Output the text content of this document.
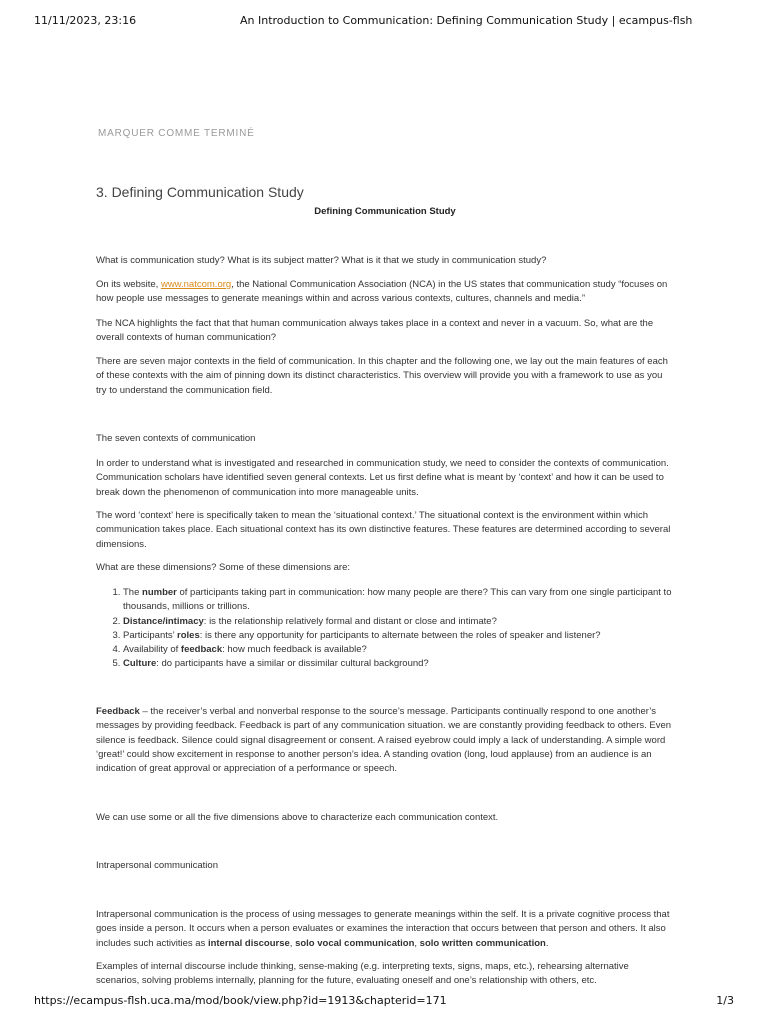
11/11/2023, 23:16	An Introduction to Communication: Defining Communication Study | ecampus-flsh
MARQUER COMME TERMINÉ
3. Defining Communication Study
Defining Communication Study

What is communication study? What is its subject matter? What is it that we study in communication study?

On its website, www.natcom.org, the National Communication Association (NCA) in the US states that communication study “focuses on how people use messages to generate meanings within and across various contexts, cultures, channels and media.”

The NCA highlights the fact that that human communication always takes place in a context and never in a vacuum. So, what are the overall contexts of human communication?

There are seven major contexts in the field of communication. In this chapter and the following one, we lay out the main features of each of these contexts with the aim of pinning down its distinct characteristics. This overview will provide you with a framework to use as you try to understand the communication field.

The seven contexts of communication

In order to understand what is investigated and researched in communication study, we need to consider the contexts of communication. Communication scholars have identified seven general contexts. Let us first define what is meant by ‘context’ and how it can be used to break down the phenomenon of communication into more manageable units.

The word ‘context’ here is specifically taken to mean the ‘situational context.’ The situational context is the environment within which communication takes place. Each situational context has its own distinctive features. These features are determined according to several dimensions.

What are these dimensions? Some of these dimensions are:

1. The number of participants taking part in communication: how many people are there? This can vary from one single participant to thousands, millions or trillions.
2. Distance/intimacy: is the relationship relatively formal and distant or close and intimate?
3. Participants’ roles: is there any opportunity for participants to alternate between the roles of speaker and listener?
4. Availability of feedback: how much feedback is available?
5. Culture: do participants have a similar or dissimilar cultural background?

Feedback – the receiver’s verbal and nonverbal response to the source’s message. Participants continually respond to one another’s messages by providing feedback. Feedback is part of any communication situation. we are constantly providing feedback to others. Even silence is feedback. Silence could signal disagreement or consent. A raised eyebrow could imply a lack of understanding. A simple word ‘great!’ could show excitement in response to another person’s idea. A standing ovation (long, loud applause) from an audience is an indication of great approval or appreciation of a performance or speech.

We can use some or all the five dimensions above to characterize each communication context.

Intrapersonal communication

Intrapersonal communication is the process of using messages to generate meanings within the self. It is a private cognitive process that goes inside a person. It occurs when a person evaluates or examines the interaction that occurs between that person and others. It also includes such activities as internal discourse, solo vocal communication, solo written communication.

Examples of internal discourse include thinking, sense-making (e.g. interpreting texts, signs, maps, etc.), rehearsing alternative scenarios, solving problems internally, planning for the future, evaluating oneself and one’s relationship with others, etc.

https://ecampus-flsh.uca.ma/mod/book/view.php?id=1913&chapterid=171	1/3
